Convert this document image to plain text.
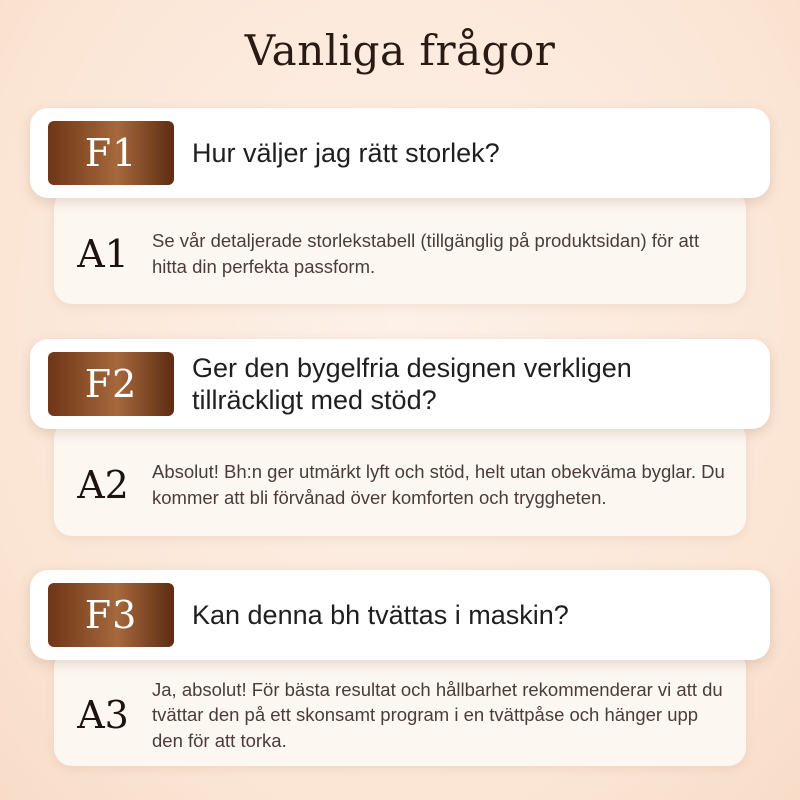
Vanliga frågor
A1	Se vår detaljerade storlekstabell (tillgänglig på produktsidan) för att hitta din perfekta passform.
F1	Hur väljer jag rätt storlek?
A2	Absolut! Bh:n ger utmärkt lyft och stöd, helt utan obekväma byglar. Du kommer att bli förvånad över komforten och tryggheten.
F2	Ger den bygelfria designen verkligen tillräckligt med stöd?
A3
Ja, absolut! För bästa resultat och hållbarhet rekommenderar vi att du tvättar den på ett skonsamt program i en tvättpåse och hänger upp den för att torka.
F3	Kan denna bh tvättas i maskin?
